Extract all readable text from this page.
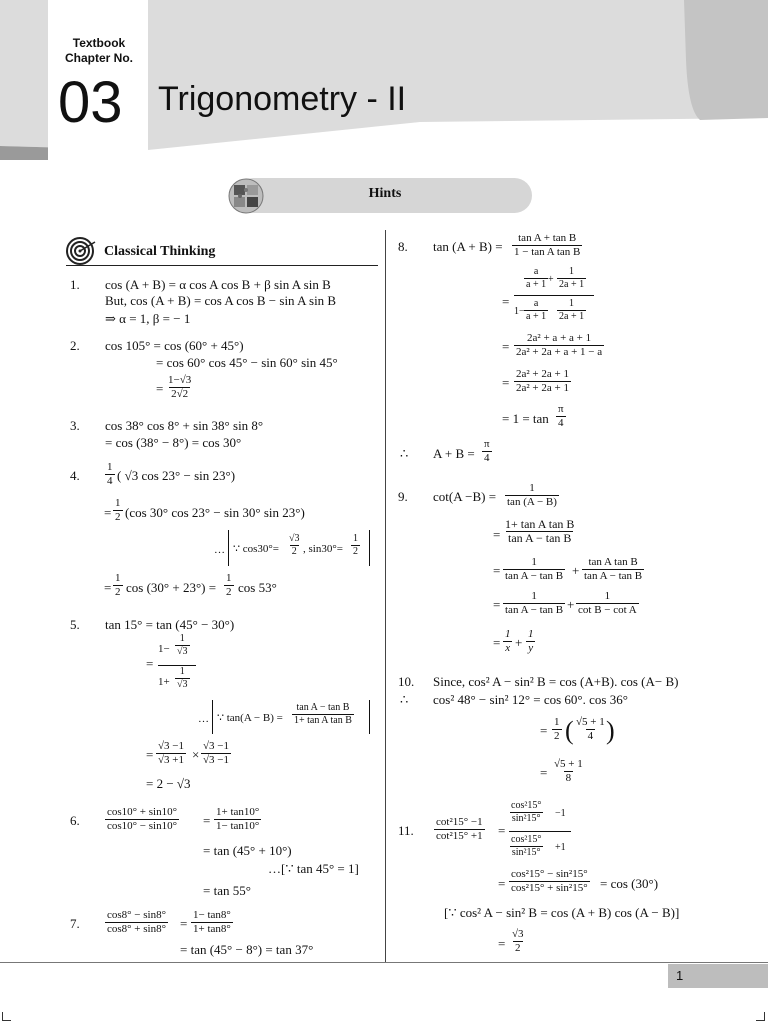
Textbook
Chapter No.
03 Trigonometry - II
Hints
Classical Thinking
1. cos (A + B) = α cos A cos B + β sin A sin B
But, cos (A + B) = cos A cos B − sin A sin B
⇒ α = 1, β = − 1
2. cos 105° = cos (60° + 45°)
= cos 60° cos 45° − sin 60° sin 45°
= $\frac{1-√3}{2√2}$
3. cos 38° cos 8° + sin 38° sin 8°
= cos (38° − 8°) = cos 30°
4. $\frac{1}{4}$ ( √3 cos 23° − sin 23°)
= $\frac{1}{2} (\cos$ 30° cos 23° − sin 30° sin 23°)
… ∵ $\cos 30^\circ= \frac{√3}{2}$ , $\sin 30^\circ= \frac{1}{2}$
= $\frac{1}{2}$ $\cos (30^\circ + 23^\circ) = \frac{1}{2}$ cos 53°
5. tan 15° = tan (45° − 30°)
=
$1- \frac{1}{√3}$
$1+ \frac{1}{√3}$
… ∵ $\tan(A - B) = \frac{\text{tan A − tan B}}{\text{1+ tan A tan B}}$
= $\frac{√3 -1}{√3 +1} \times \frac{√3 -1}{√3 -1}$
= 2 − √3
6. $\frac{\cos 10^\circ + \sin 10^\circ}{\cos 10^\circ - \sin 10^\circ} = \frac{1+ \tan 10^\circ}{1- \tan 10^\circ}$
= tan (45° + 10°)
…[∵ tan 45° = 1]
= tan 55°
7. $\frac{\cos 8^\circ - \sin 8^\circ}{\cos 8^\circ + \sin 8^\circ} = \frac{1- \tan 8^\circ}{1+ \tan 8^\circ}$
= tan (45° − 8°) = tan 37°
8. $\tan (A + B) = \frac{\text{tan A + tan B}}{\text{1 − tan A tan B}}$
=
$\frac{a}{a + 1} + \frac{1}{2a + 1}$
$1- \frac{a}{a + 1} \frac{1}{2a + 1}$
= $\frac{\text{2a² + a + a + 1}}{\text{2a² + 2a + a + 1 − a}}$
= $\frac{\text{2a² + 2a + 1}}{\text{2a² + 2a + 1}}$
= $1 = \tan \frac{\pi}{4}$
∴ $A + B = \frac{\pi}{4}$
9. $\cot(A -B) = \frac{1}{\tan (A - B)}$
= $\frac{\text{1+ tan A tan B}}{\text{tan A − tan B}}$
= $\frac{1}{\text{tan A − tan B}} + \frac{\text{tan A tan B}}{\text{tan A − tan B}}$
= $\frac{1}{\text{tan A − tan B}} + \frac{1}{\text{cot B − cot A}}$
= $\frac{1}{x} + \frac{1}{y}$
10. Since, cos² A − sin² B = cos (A+B). cos (A− B)
∴ cos² 48° − sin² 12° = cos 60°. cos 36°
= $\frac{1}{2}$ ( $\frac{√5 + 1}{4}$ )
= $\frac{√5 + 1}{8}$
11. $\frac{\text{cot²15° −1}}{\text{cot²15° +1}}$ =
$\frac{\text{cos²15°}}{\text{sin²15°}} -1$
$\frac{\text{cos²15°}}{\text{sin²15°}} +1$
= $\frac{\text{cos²15° − sin²15°}}{\text{cos²15° + sin²15°}} = \cos (30^\circ)$
[∵ cos² A − sin² B = cos (A + B) cos (A − B)]
= $\frac{√3}{2}$
1
